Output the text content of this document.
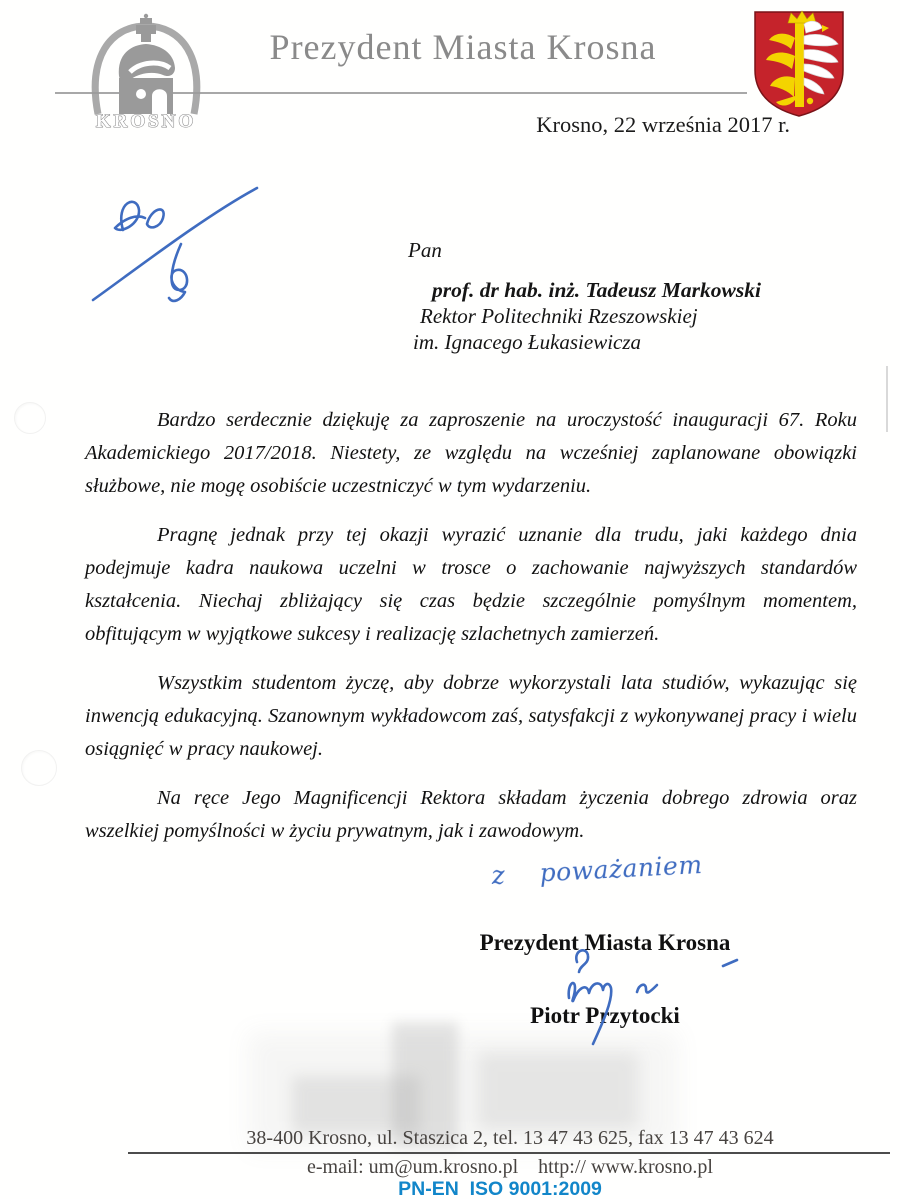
KROSNO
Prezydent Miasta Krosna
Krosno, 22 września 2017 r.
Pan
prof. dr hab. inż. Tadeusz Markowski
Rektor Politechniki Rzeszowskiej
im. Ignacego Łukasiewicza

Bardzo serdecznie dziękuję za zaproszenie na uroczystość inauguracji 67. Roku Akademickiego 2017/2018. Niestety, ze względu na wcześniej zaplanowane obowiązki służbowe, nie mogę osobiście uczestniczyć w tym wydarzeniu.

Pragnę jednak przy tej okazji wyrazić uznanie dla trudu, jaki każdego dnia podejmuje kadra naukowa uczelni w trosce o zachowanie najwyższych standardów kształcenia. Niechaj zbliżający się czas będzie szczególnie pomyślnym momentem, obfitującym w wyjątkowe sukcesy i realizację szlachetnych zamierzeń.

Wszystkim studentom życzę, aby dobrze wykorzystali lata studiów, wykazując się inwencją edukacyjną. Szanownym wykładowcom zaś, satysfakcji z wykonywanej pracy i wielu osiągnięć w pracy naukowej.

Na ręce Jego Magnificencji Rektora składam życzenia dobrego zdrowia oraz wszelkiej pomyślności w życiu prywatnym, jak i zawodowym.

z poważaniem
Prezydent Miasta Krosna
Piotr Przytocki
38-400 Krosno, ul. Staszica 2, tel. 13 47 43 625, fax 13 47 43 624
e-mail: um@um.krosno.pl    http:// www.krosno.pl
PN-EN  ISO 9001:2009
